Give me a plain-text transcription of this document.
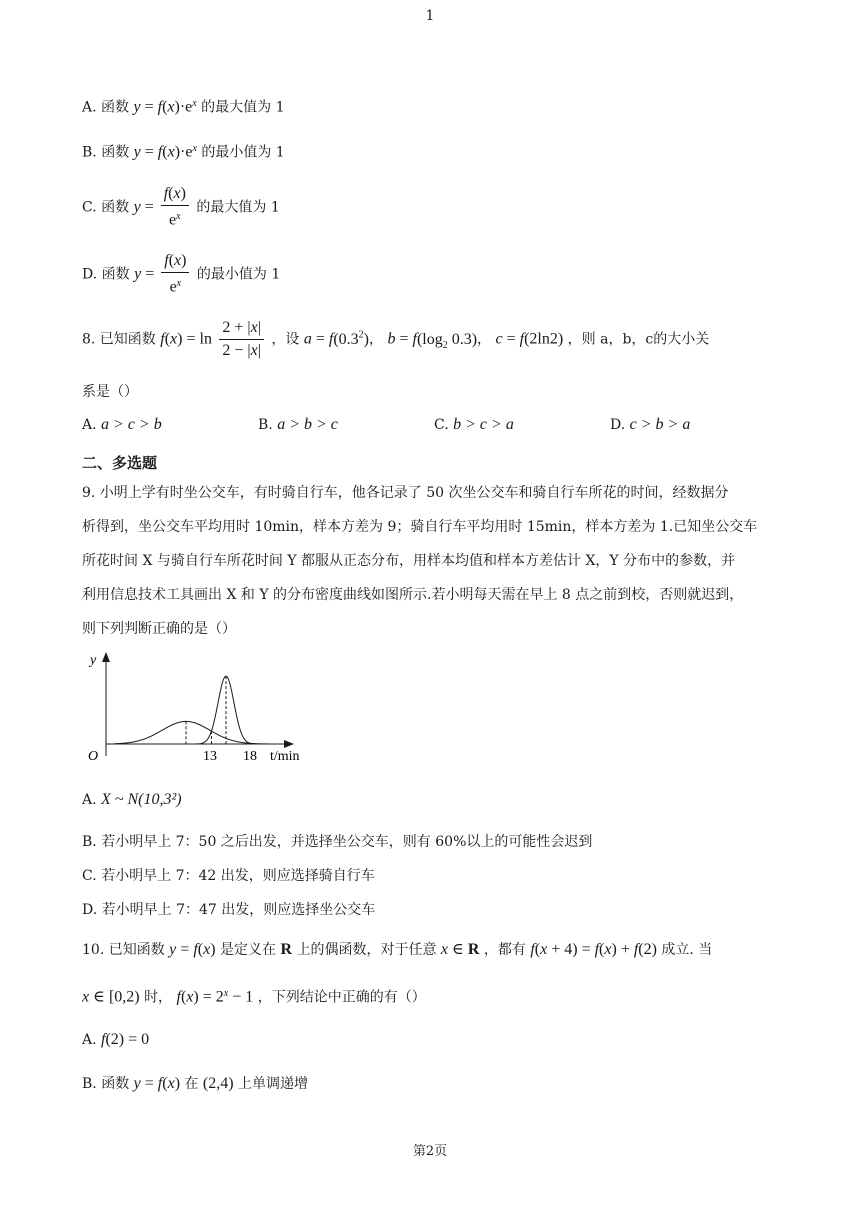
1
A. 函数 $y = f(x)\cdot e^x$ 的最大值为 1
B. 函数 $y = f(x)\cdot e^x$ 的最小值为 1
C. 函数 $y = \frac{f(x)}{e^x}$ 的最大值为 1
D. 函数 $y = \frac{f(x)}{e^x}$ 的最小值为 1
8. 已知函数 $f(x) = \ln \frac{2 + |x|}{2 - |x|}$ ，设 $a = f(0.3^2)$， $b = f(\log_2$ 0.3)， c = f(2ln2) ，则 a，b，c的大小关
系是（）
A. a > c > b	B. a > b > c	C. b > c > a	D. c > b > a
二、多选题
9. 小明上学有时坐公交车，有时骑自行车，他各记录了 50 次坐公交车和骑自行车所花的时间，经数据分
析得到，坐公交车平均用时 10min，样本方差为 9；骑自行车平均用时 15min，样本方差为 1.已知坐公交车
所花时间 X 与骑自行车所花时间 Y 都服从正态分布，用样本均值和样本方差估计 X，Y 分布中的参数，并
利用信息技术工具画出 X 和 Y 的分布密度曲线如图所示.若小明每天需在早上 8 点之前到校，否则就迟到，
则下列判断正确的是（）
y
O	13 18 t/min
A. X ~ N(10,3²)
B. 若小明早上 7：50 之后出发，并选择坐公交车，则有 60%以上的可能性会迟到
C. 若小明早上 7：42 出发，则应选择骑自行车
D. 若小明早上 7：47 出发，则应选择坐公交车
10. 已知函数 y = f(x) 是定义在 R 上的偶函数，对于任意 x ∈ R ，都有 f(x + 4) = f(x) + f(2) 成立. 当
x ∈ [0,2) 时， $f(x) = 2^x - 1$ ，下列结论中正确的有（）
A. f(2) = 0
B. 函数 y = f(x) 在 (2,4) 上单调递增
第2页
